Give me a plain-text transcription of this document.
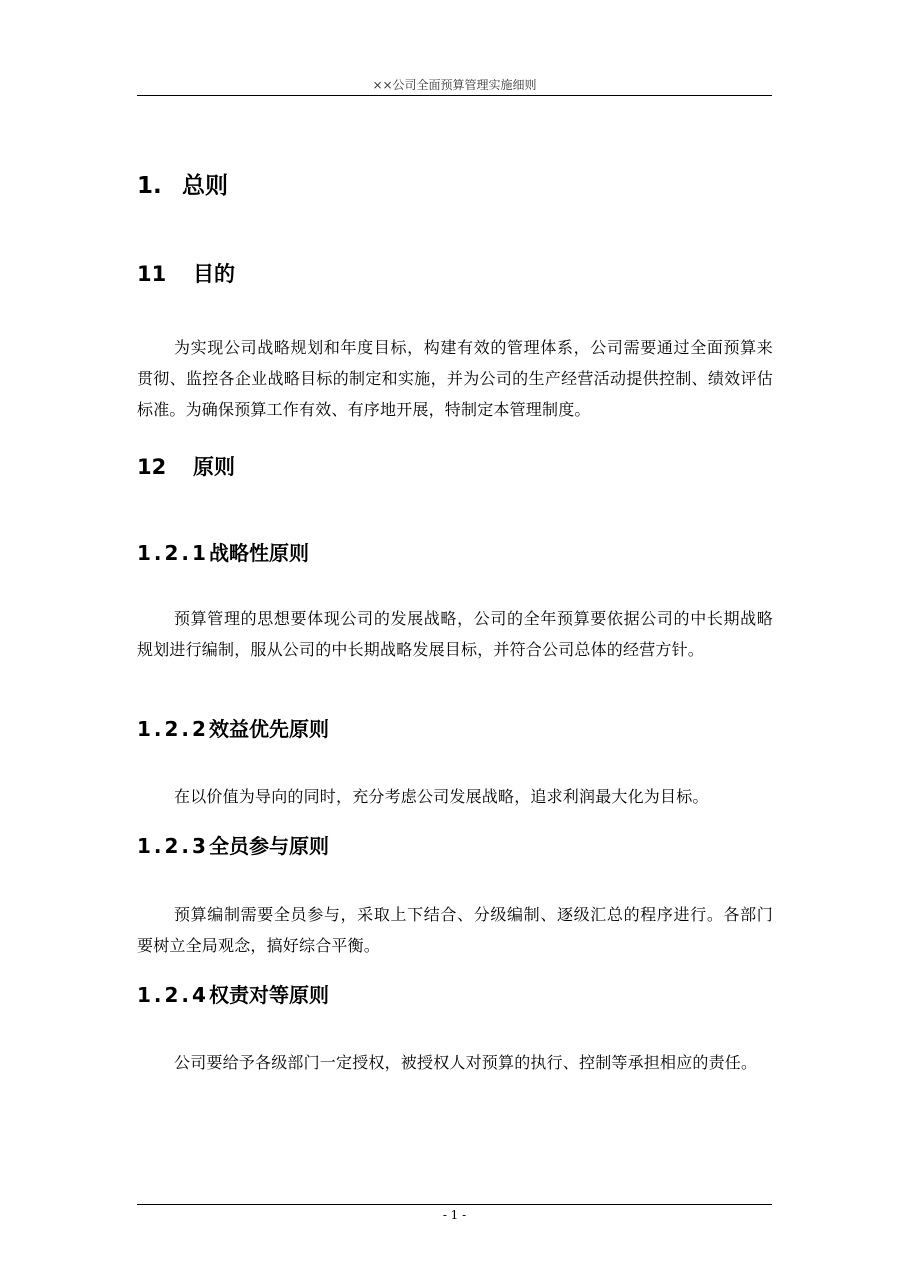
××公司全面预算管理实施细则
1. 总则
11 目的
为实现公司战略规划和年度目标，构建有效的管理体系，公司需要通过全面预算来贯彻、监控各企业战略目标的制定和实施，并为公司的生产经营活动提供控制、绩效评估标准。为确保预算工作有效、有序地开展，特制定本管理制度。
12 原则
1.2.1战略性原则
预算管理的思想要体现公司的发展战略，公司的全年预算要依据公司的中长期战略规划进行编制，服从公司的中长期战略发展目标，并符合公司总体的经营方针。
1.2.2效益优先原则
在以价值为导向的同时，充分考虑公司发展战略，追求利润最大化为目标。
1.2.3全员参与原则
预算编制需要全员参与，采取上下结合、分级编制、逐级汇总的程序进行。各部门要树立全局观念，搞好综合平衡。
1.2.4权责对等原则
公司要给予各级部门一定授权，被授权人对预算的执行、控制等承担相应的责任。
- 1 -
